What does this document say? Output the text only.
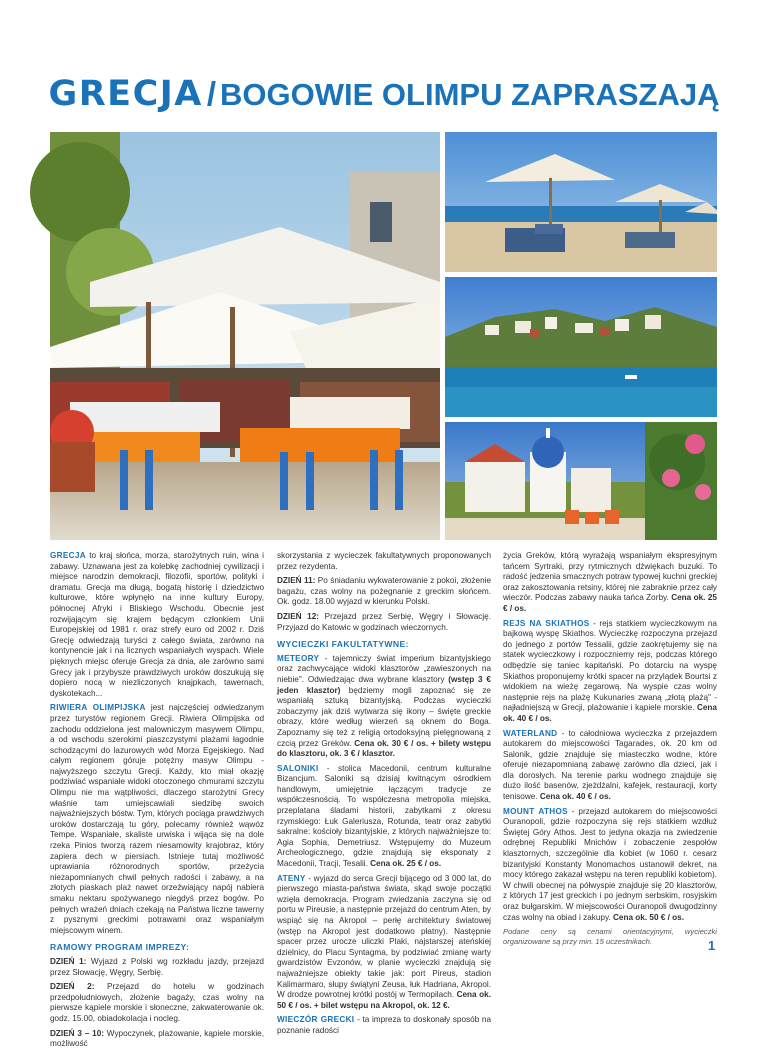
GRECJA / BOGOWIE OLIMPU ZAPRASZAJĄ

GRECJA to kraj słońca, morza, starożytnych ruin, wina i zabawy. Uznawana jest za kolebkę zachodniej cywilizacji i miejsce narodzin demokracji, filozofii, sportów, polityki i dramatu. Grecja ma długą, bogatą historię i dziedzictwo kulturowe, które wpłynęło na inne kultury Europy, północnej Afryki i Bliskiego Wschodu. Obecnie jest rozwijającym się krajem będącym członkiem Unii Europejskiej od 1981 r. oraz strefy euro od 2002 r. Dziś Grecję odwiedzają turyści z całego świata, zarówno na kontynencie jak i na licznych wspaniałych wyspach. Wiele pięknych miejsc oferuje Grecja za dnia, ale zarówno sami Grecy jak i przybysze prawdziwych uroków doszukują się dopiero nocą w niezliczonych knajpkach, tawernach, dyskotekach...

RIWIERA OLIMPIJSKA jest najczęściej odwiedzanym przez turystów regionem Grecji. Riwiera Olimpijska od zachodu oddzielona jest malowniczym masywem Olimpu, a od wschodu szerokimi piaszczystymi plażami łagodnie schodzącymi do lazurowych wód Morza Egejskiego. Nad całym regionem góruje potężny masyw Olimpu - najwyższego szczytu Grecji. Każdy, kto miał okazję podziwiać wspaniałe widoki otoczonego chmurami szczytu Olimpu nie ma wątpliwości, dlaczego starożytni Grecy właśnie tam umiejscawiali siedzibę swoich najważniejszych bóstw. Tym, których pociąga prawdziwych uroków dostarczają tu góry, polecamy również wąwóz Tempe. Wspaniałe, skaliste urwiska i wijąca się na dole rzeka Pinios tworzą razem niesamowity krajobraz, który zapiera dech w piersiach. Istnieje tutaj możliwość uprawiania różnorodnych sportów, przeżycia niezapomnianych chwil pełnych radości i zabawy, a na złotych piaskach plaż nawet orzeźwiający napój nabiera smaku nektaru spożywanego niegdyś przez bogów. Po pełnych wrażeń dniach czekają na Państwa liczne tawerny z pysznymi greckimi potrawami oraz wspaniałym miejscowym winem.

RAMOWY PROGRAM IMPREZY:

DZIEŃ 1: Wyjazd z Polski wg rozkładu jazdy, przejazd przez Słowację, Węgry, Serbię.

DZIEŃ 2: Przejazd do hotelu w godzinach przedpołudniowych, złożenie bagaży, czas wolny na pierwsze kąpiele morskie i słoneczne, zakwaterowanie ok. godz. 15.00, obiadokolacja i nocleg.

DZIEŃ 3 – 10: Wypoczynek, plażowanie, kąpiele morskie, możliwość

skorzystania z wycieczek fakultatywnych proponowanych przez rezydenta.

DZIEŃ 11: Po śniadaniu wykwaterowanie z pokoi, złożenie bagażu, czas wolny na pożegnanie z greckim słońcem. Ok. godz. 18.00 wyjazd w kierunku Polski.

DZIEŃ 12: Przejazd przez Serbię, Węgry i Słowację. Przyjazd do Katowic w godzinach wieczornych.

WYCIECZKI FAKULTATYWNE:

METEORY - tajemniczy świat imperium bizantyjskiego oraz zachwycające widoki klasztorów „zawieszonych na niebie". Odwiedzając dwa wybrane klasztory (wstęp 3 € jeden klasztor) będziemy mogli zapoznać się ze wspaniałą sztuką bizantyjską. Podczas wycieczki zobaczymy jak dziś wytwarza się ikony – święte greckie obrazy, które według wierzeń są oknem do Boga. Zapoznamy się też z religią ortodoksyjną pielęgnowaną z czcią przez Greków. Cena ok. 30 € / os. + bilety wstępu do klasztoru, ok. 3 € / klasztor.

SALONIKI - stolica Macedonii, centrum kulturalne Bizancjum. Saloniki są dzisiaj kwitnącym ośrodkiem handlowym, umiejętnie łączącym tradycje ze współczesnością. To współczesna metropolia miejska, przeplatana śladami historii, zabytkami z okresu rzymskiego: Łuk Galeriusza, Rotunda, teatr oraz zabytki sakralne: kościoły bizantyjskie, z których najważniejsze to: Agia Sophia, Demetriusz. Wstępujemy do Muzeum Archeologicznego, gdzie znajdują się eksponaty z Macedonii, Tracji, Tesalii. Cena ok. 25 € / os.

ATENY - wyjazd do serca Grecji bijącego od 3 000 lat, do pierwszego miasta-państwa świata, skąd swoje początki wzięła demokracja. Program zwiedzania zaczyna się od portu w Pireusie, a następnie przejazd do centrum Aten, by wspiąć się na Akropol – perłę architektury światowej (wstęp na Akropol jest dodatkowo płatny). Następnie spacer przez urocze uliczki Plaki, najstarszej ateńskiej dzielnicy, do Placu Syntagma, by podziwiać zmianę warty gwardzistów Evzonów, w planie wycieczki znajdują się najważniejsze obiekty takie jak: port Pireus, stadion Kalimarmaro, słupy świątyni Zeusa, łuk Hadriana, Akropol. W drodze powrotnej krótki postój w Termopilach. Cena ok. 50 € / os. + bilet wstępu na Akropol, ok. 12 €.

WIECZÓR GRECKI - ta impreza to doskonały sposób na poznanie radości

życia Greków, którą wyrażają wspaniałym ekspresyjnym tańcem Syrtraki, przy rytmicznych dźwiękach buzuki. To radość jedzenia smacznych potraw typowej kuchni greckiej oraz zakosztowania retsiny, której nie zabraknie przez cały wieczór. Podczas zabawy nauka tańca Zorby. Cena ok. 25 € / os.

REJS NA SKIATHOS - rejs statkiem wycieczkowym na bajkową wyspę Skiathos. Wycieczkę rozpoczyna przejazd do jednego z portów Tessalii, gdzie zaokrętujemy się na statek wycieczkowy i rozpoczniemy rejs, podczas którego odbędzie się taniec kapitański. Po dotarciu na wyspę Skiathos proponujemy krótki spacer na przylądek Bourtsi z widokiem na wieżę zegarową. Na wyspie czas wolny następnie rejs na plażę Kukunaries zwaną „złotą plażą" - najładniejszą w Grecji, plażowanie i kąpiele morskie. Cena ok. 40 € / os.

WATERLAND - to całodniowa wycieczka z przejazdem autokarem do miejscowości Tagarades, ok. 20 km od Salonik, gdzie znajduje się miasteczko wodne, które oferuje niezapomnianą zabawę zarówno dla dzieci, jak i dla dorosłych. Na terenie parku wodnego znajduje się dużo ilość basenów, zjeżdżalni, kafejek, restauracji, korty tenisowe. Cena ok. 40 € / os.

MOUNT ATHOS - przejazd autokarem do miejscowości Ouranopoli, gdzie rozpoczyna się rejs statkiem wzdłuż Świętej Góry Athos. Jest to jedyna okazja na zwiedzenie odrębnej Republiki Mnichów i zobaczenie zespołów klasztornych, szczególnie dla kobiet (w 1060 r. cesarz bizantyjski Konstanty Monomachos ustanowił dekret, na mocy którego zakazał wstępu na teren republiki kobietom). W chwili obecnej na półwyspie znajduje się 20 klasztorów, z których 17 jest greckich i po jednym serbskim, rosyjskim oraz bułgarskim. W miejscowości Ouranopoli dwugodzinny czas wolny na obiad i zakupy. Cena ok. 50 € / os.

Podane ceny są cenami orientacyjnymi, wycieczki organizowane są przy min. 15 uczestnikach.	1
